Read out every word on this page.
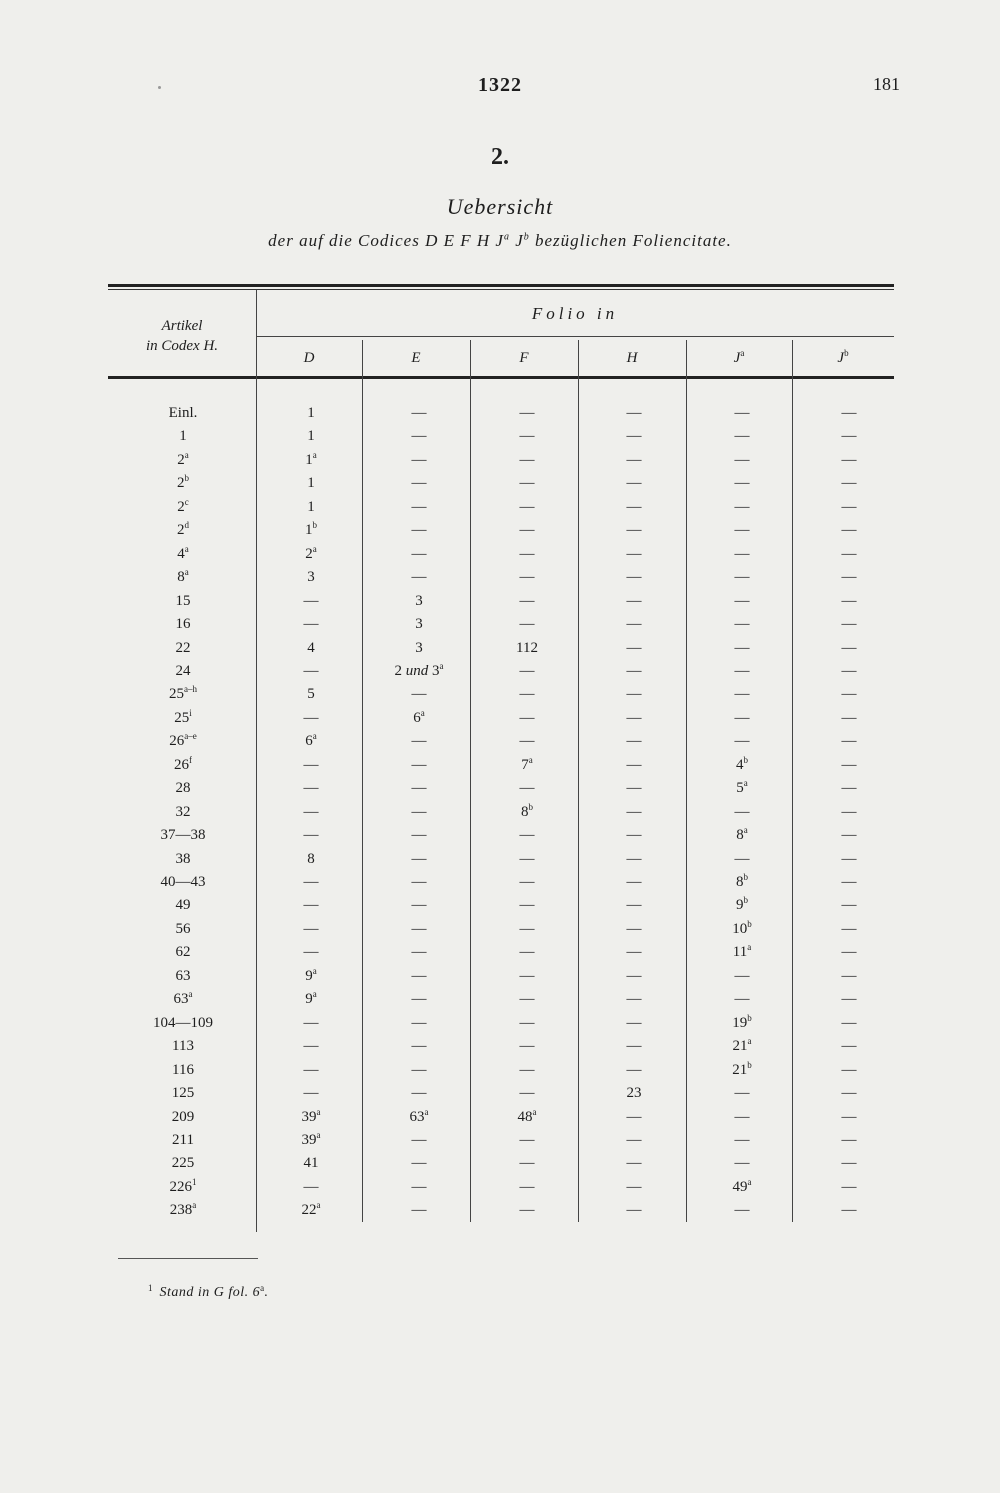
1322	181
2.
Uebersicht
der auf die Codices D E F H $J^a$ $J^b$ bezüglichen Foliencitate.
Artikel
in Codex H.
Folio in
D	E	F	H	$J^a$	$J^b$
Einl.	1	—	—	—	—	—
1	1	—	—	—	—	—
2$^a$	1$^a$	—	—	—	—	—
2$^b$	1	—	—	—	—	—
2$^c$	1	—	—	—	—	—
2$^d$	1$^b$	—	—	—	—	—
4$^a$	2$^a$	—	—	—	—	—
8$^a$	3	—	—	—	—	—
15	—	3	—	—	—	—
16	—	3	—	—	—	—
22	4	3	112	—	—	—
24	—	2 und 3$^a$	—	—	—	—
25$^{a-h}$	5	—	—	—	—	—
25$^i$	—	6$^a$	—	—	—	—
26$^{a-e}$	6$^a$	—	—	—	—	—
26$^f$	—	—	7$^a$	—	4$^b$	—
28	—	—	—	—	5$^a$	—
32	—	—	8$^b$	—	—	—
37—38	—	—	—	—	8$^a$	—
38	8	—	—	—	—	—
40—43	—	—	—	—	8$^b$	—
49	—	—	—	—	9$^b$	—
56	—	—	—	—	10$^b$	—
62	—	—	—	—	11$^a$	—
63	9$^a$	—	—	—	—	—
63$^a$	9$^a$	—	—	—	—	—
104—109	—	—	—	—	19$^b$	—
113	—	—	—	—	21$^a$	—
116	—	—	—	—	21$^b$	—
125	—	—	—	23	—	—
209	39$^a$	63$^a$	48$^a$	—	—	—
211	39$^a$	—	—	—	—	—
225	41	—	—	—	—	—
$226^1$	—	—	—	—	49$^a$	—
238$^a$	22$^a$	—	—	—	—	—
$^1$ Stand in G fol. 6$^a$.
